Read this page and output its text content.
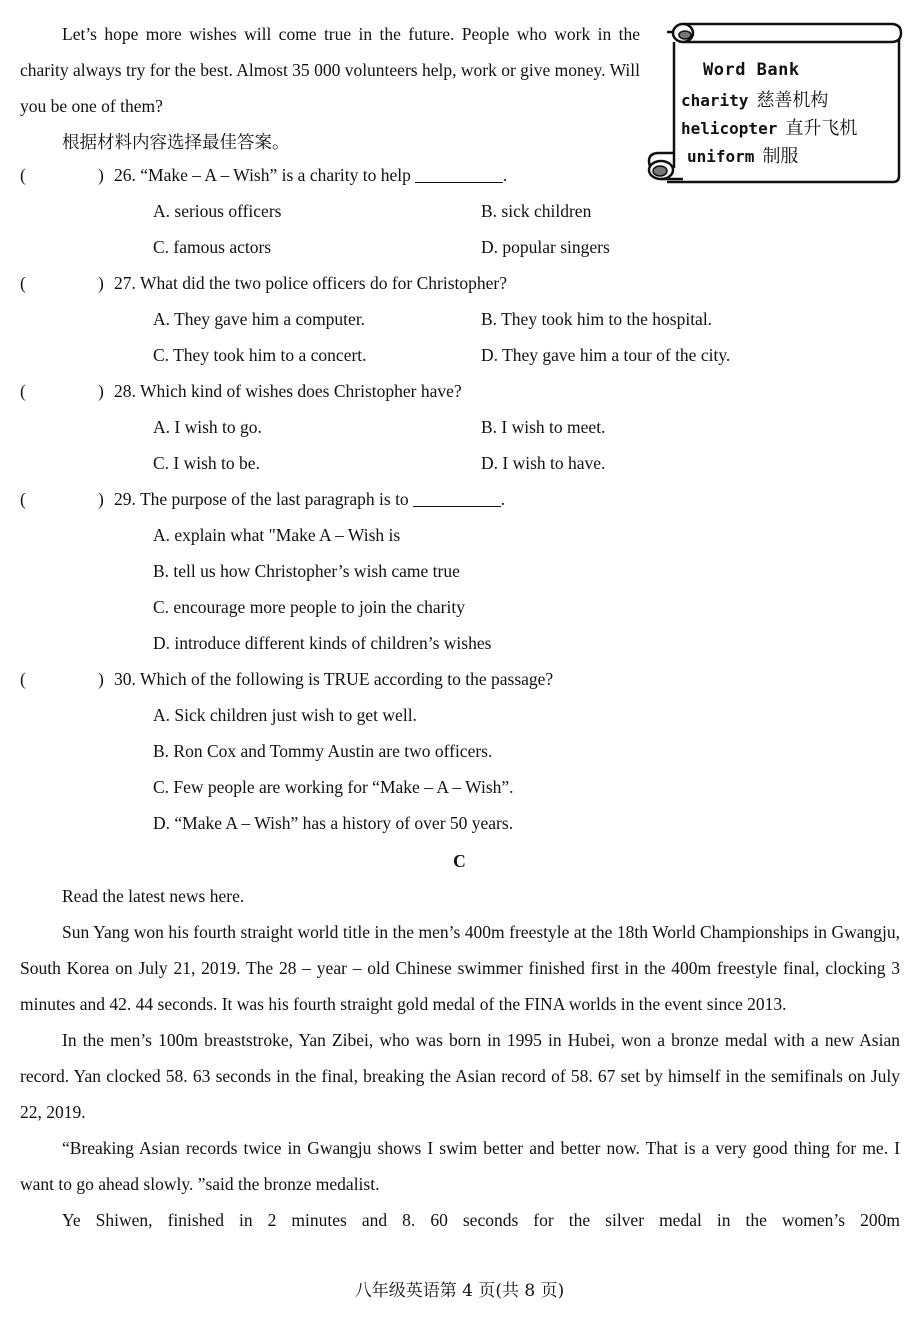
Let’s hope more wishes will come true in the future. People who work in the charity always try for the best. Almost 35 000 volunteers help, work or give money. Will you be one of them?

根据材料内容选择最佳答案。
Word Bank
charity 慈善机构
helicopter 直升飞机
uniform 制服
(	) 26. “Make – A – Wish” is a charity to help	.
A. serious officers	B. sick children
C. famous actors	D. popular singers
(	) 27. What did the two police officers do for Christopher?
A. They gave him a computer.	B. They took him to the hospital.
C. They took him to a concert.	D. They gave him a tour of the city.
(	) 28. Which kind of wishes does Christopher have?
A. I wish to go.	B. I wish to meet.
C. I wish to be.	D. I wish to have.
(	) 29. The purpose of the last paragraph is to	.
A. explain what "Make A – Wish is
B. tell us how Christopher’s wish came true
C. encourage more people to join the charity
D. introduce different kinds of children’s wishes
(	) 30. Which of the following is TRUE according to the passage?
A. Sick children just wish to get well.
B. Ron Cox and Tommy Austin are two officers.
C. Few people are working for “Make – A – Wish”.
D. “Make A – Wish” has a history of over 50 years.
C

Read the latest news here.

Sun Yang won his fourth straight world title in the men’s 400m freestyle at the 18th World Championships in Gwangju, South Korea on July 21, 2019. The 28 – year – old Chinese swimmer finished first in the 400m freestyle final, clocking 3 minutes and 42. 44 seconds. It was his fourth straight gold medal of the FINA worlds in the event since 2013.

In the men’s 100m breaststroke, Yan Zibei, who was born in 1995 in Hubei, won a bronze medal with a new Asian record. Yan clocked 58. 63 seconds in the final, breaking the Asian record of 58. 67 set by himself in the semifinals on July 22, 2019.

“Breaking Asian records twice in Gwangju shows I swim better and better now. That is a very good thing for me. I want to go ahead slowly. ”said the bronze medalist.

Ye Shiwen, finished in 2 minutes and 8. 60 seconds for the silver medal in the women’s 200m

八年级英语第 4 页(共 8 页)
